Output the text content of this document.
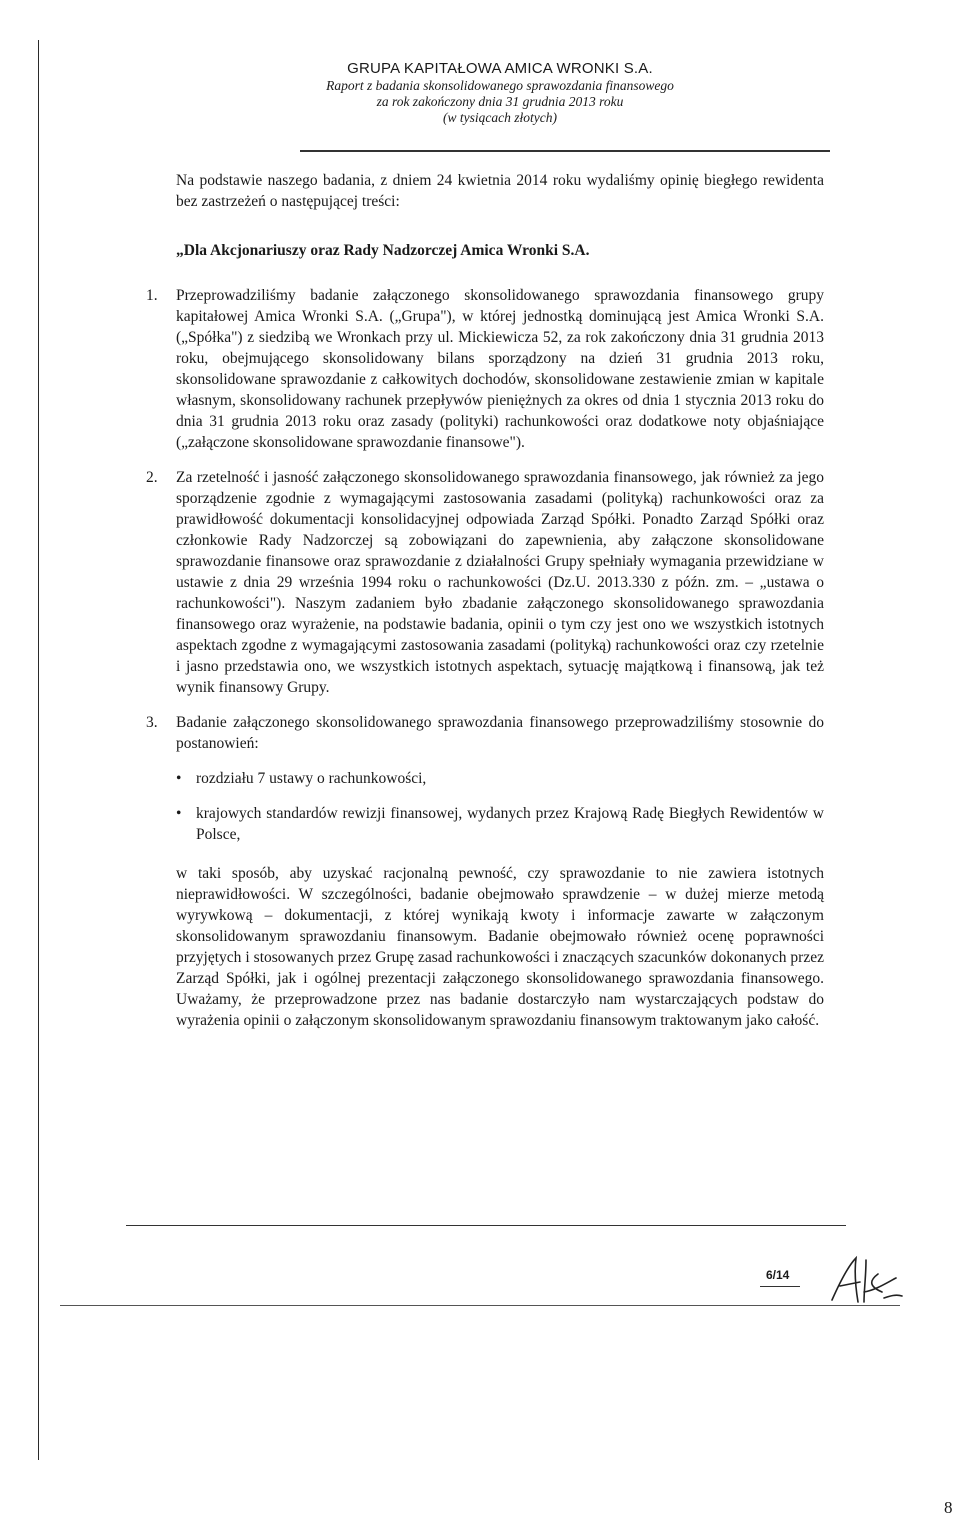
GRUPA KAPITAŁOWA AMICA WRONKI S.A.
Raport z badania skonsolidowanego sprawozdania finansowego
za rok zakończony dnia 31 grudnia 2013 roku
(w tysiącach złotych)

Na podstawie naszego badania, z dniem 24 kwietnia 2014 roku wydaliśmy opinię biegłego rewidenta bez zastrzeżeń o następującej treści:

„Dla Akcjonariuszy oraz Rady Nadzorczej Amica Wronki S.A.

1. Przeprowadziliśmy badanie załączonego skonsolidowanego sprawozdania finansowego grupy kapitałowej Amica Wronki S.A. („Grupa"), w której jednostką dominującą jest Amica Wronki S.A. („Spółka") z siedzibą we Wronkach przy ul. Mickiewicza 52, za rok zakończony dnia 31 grudnia 2013 roku, obejmującego skonsolidowany bilans sporządzony na dzień 31 grudnia 2013 roku, skonsolidowane sprawozdanie z całkowitych dochodów, skonsolidowane zestawienie zmian w kapitale własnym, skonsolidowany rachunek przepływów pieniężnych za okres od dnia 1 stycznia 2013 roku do dnia 31 grudnia 2013 roku oraz zasady (polityki) rachunkowości oraz dodatkowe noty objaśniające („załączone skonsolidowane sprawozdanie finansowe").

2. Za rzetelność i jasność załączonego skonsolidowanego sprawozdania finansowego, jak również za jego sporządzenie zgodnie z wymagającymi zastosowania zasadami (polityką) rachunkowości oraz za prawidłowość dokumentacji konsolidacyjnej odpowiada Zarząd Spółki. Ponadto Zarząd Spółki oraz członkowie Rady Nadzorczej są zobowiązani do zapewnienia, aby załączone skonsolidowane sprawozdanie finansowe oraz sprawozdanie z działalności Grupy spełniały wymagania przewidziane w ustawie z dnia 29 września 1994 roku o rachunkowości (Dz.U. 2013.330 z późn. zm. – „ustawa o rachunkowości"). Naszym zadaniem było zbadanie załączonego skonsolidowanego sprawozdania finansowego oraz wyrażenie, na podstawie badania, opinii o tym czy jest ono we wszystkich istotnych aspektach zgodne z wymagającymi zastosowania zasadami (polityką) rachunkowości oraz czy rzetelnie i jasno przedstawia ono, we wszystkich istotnych aspektach, sytuację majątkową i finansową, jak też wynik finansowy Grupy.

3. Badanie załączonego skonsolidowanego sprawozdania finansowego przeprowadziliśmy stosownie do postanowień:

• rozdziału 7 ustawy o rachunkowości,

• krajowych standardów rewizji finansowej, wydanych przez Krajową Radę Biegłych Rewidentów w Polsce,

w taki sposób, aby uzyskać racjonalną pewność, czy sprawozdanie to nie zawiera istotnych nieprawidłowości. W szczególności, badanie obejmowało sprawdzenie – w dużej mierze metodą wyrywkową – dokumentacji, z której wynikają kwoty i informacje zawarte w załączonym skonsolidowanym sprawozdaniu finansowym. Badanie obejmowało również ocenę poprawności przyjętych i stosowanych przez Grupę zasad rachunkowości i znaczących szacunków dokonanych przez Zarząd Spółki, jak i ogólnej prezentacji załączonego skonsolidowanego sprawozdania finansowego. Uważamy, że przeprowadzone przez nas badanie dostarczyło nam wystarczających podstaw do wyrażenia opinii o załączonym skonsolidowanym sprawozdaniu finansowym traktowanym jako całość.

6/14
8
